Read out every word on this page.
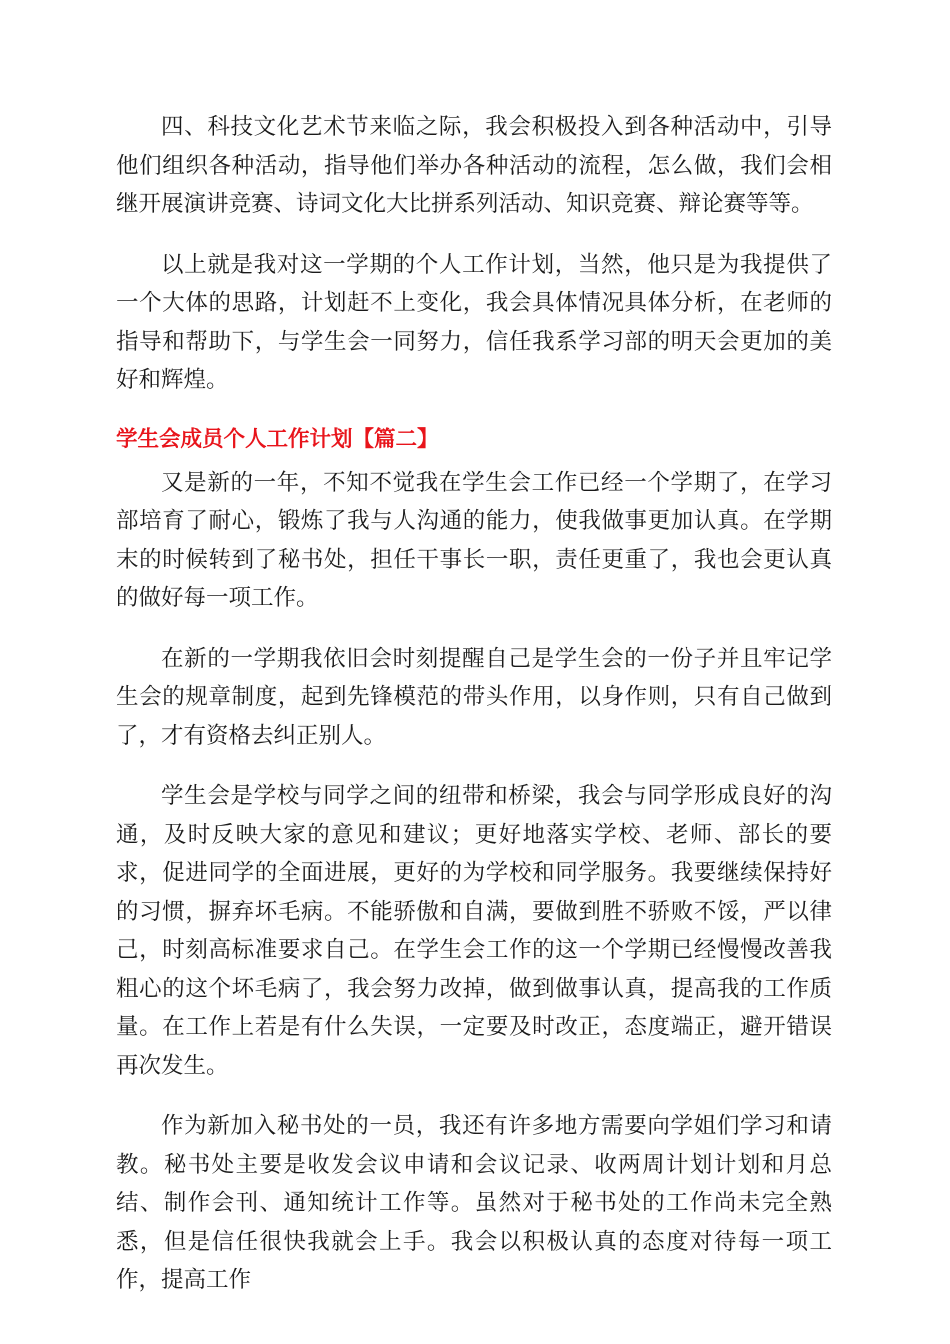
四、科技文化艺术节来临之际，我会积极投入到各种活动中，引导他们组织各种活动，指导他们举办各种活动的流程，怎么做，我们会相继开展演讲竞赛、诗词文化大比拼系列活动、知识竞赛、辩论赛等等。

以上就是我对这一学期的个人工作计划，当然，他只是为我提供了一个大体的思路，计划赶不上变化，我会具体情况具体分析，在老师的指导和帮助下，与学生会一同努力，信任我系学习部的明天会更加的美好和辉煌。

学生会成员个人工作计划【篇二】

又是新的一年，不知不觉我在学生会工作已经一个学期了，在学习部培育了耐心，锻炼了我与人沟通的能力，使我做事更加认真。在学期末的时候转到了秘书处，担任干事长一职，责任更重了，我也会更认真的做好每一项工作。

在新的一学期我依旧会时刻提醒自己是学生会的一份子并且牢记学生会的规章制度，起到先锋模范的带头作用，以身作则，只有自己做到了，才有资格去纠正别人。

学生会是学校与同学之间的纽带和桥梁，我会与同学形成良好的沟通，及时反映大家的意见和建议；更好地落实学校、老师、部长的要求，促进同学的全面进展，更好的为学校和同学服务。我要继续保持好的习惯，摒弃坏毛病。不能骄傲和自满，要做到胜不骄败不馁，严以律己，时刻高标准要求自己。在学生会工作的这一个学期已经慢慢改善我粗心的这个坏毛病了，我会努力改掉，做到做事认真，提高我的工作质量。在工作上若是有什么失误，一定要及时改正，态度端正，避开错误再次发生。

作为新加入秘书处的一员，我还有许多地方需要向学姐们学习和请教。秘书处主要是收发会议申请和会议记录、收两周计划计划和月总结、制作会刊、通知统计工作等。虽然对于秘书处的工作尚未完全熟悉，但是信任很快我就会上手。我会以积极认真的态度对待每一项工作，提高工作
